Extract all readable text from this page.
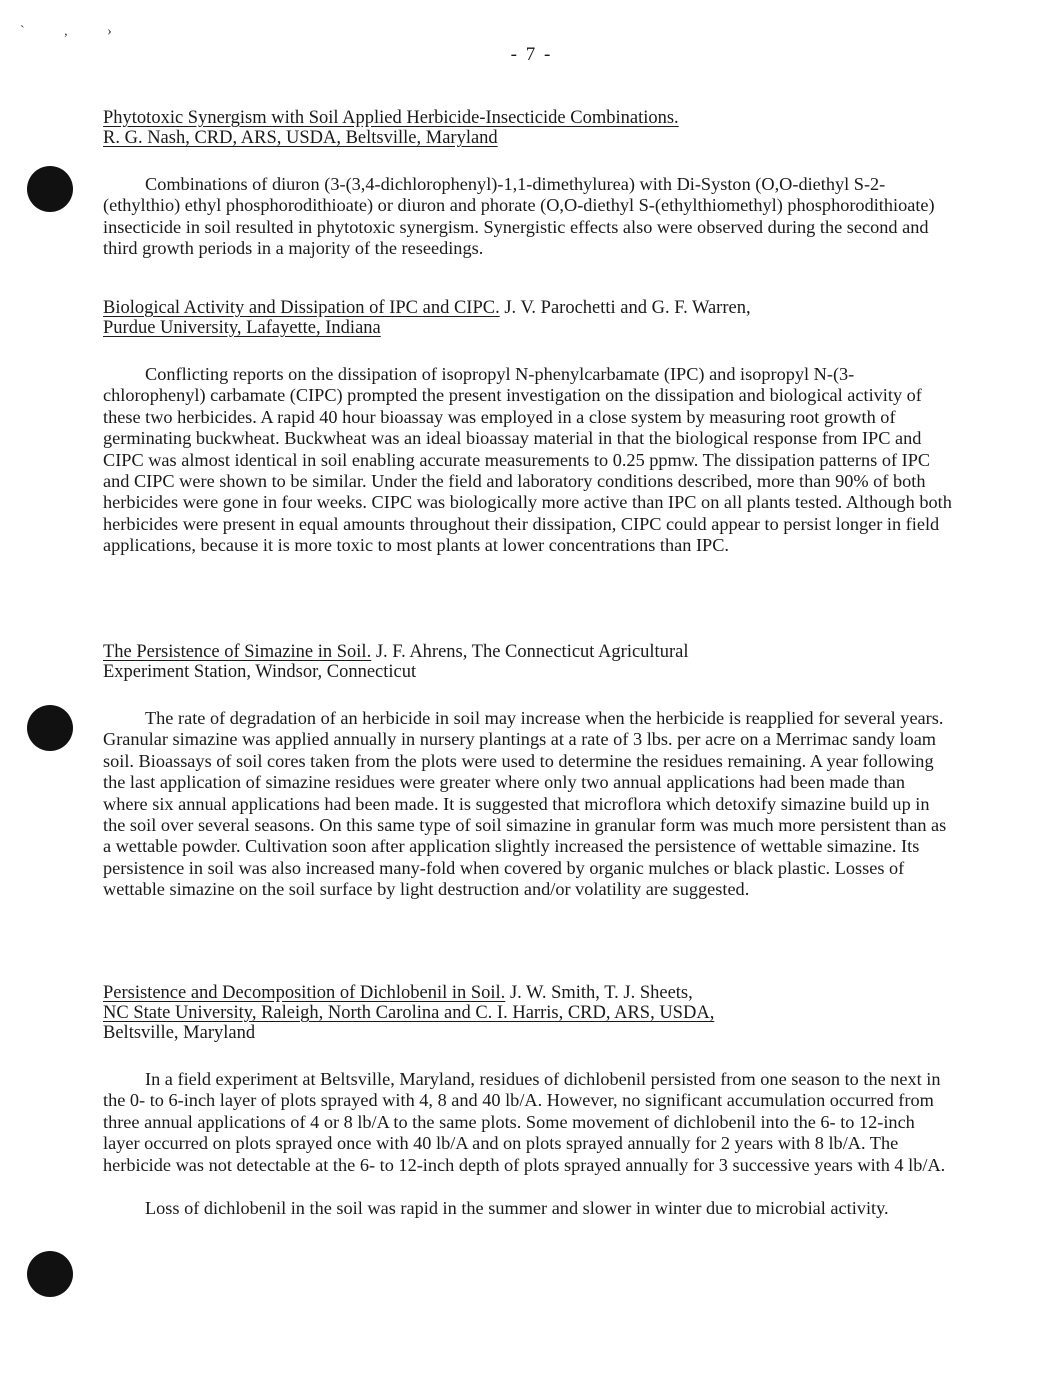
` , ›
- 7 -
Phytotoxic Synergism with Soil Applied Herbicide-Insecticide Combinations.
R. G. Nash, CRD, ARS, USDA, Beltsville, Maryland

Combinations of diuron (3-(3,4-dichlorophenyl)-1,1-dimethylurea) with Di-Syston (O,O-diethyl S-2-(ethylthio) ethyl phosphorodithioate) or diuron and phorate (O,O-diethyl S-(ethylthiomethyl) phosphorodithioate) insecticide in soil resulted in phytotoxic synergism. Synergistic effects also were observed during the second and third growth periods in a majority of the reseedings.

Biological Activity and Dissipation of IPC and CIPC. J. V. Parochetti and G. F. Warren,
Purdue University, Lafayette, Indiana

Conflicting reports on the dissipation of isopropyl N-phenylcarbamate (IPC) and isopropyl N-(3-chlorophenyl) carbamate (CIPC) prompted the present investigation on the dissipation and biological activity of these two herbicides. A rapid 40 hour bioassay was employed in a close system by measuring root growth of germinating buckwheat. Buckwheat was an ideal bioassay material in that the biological response from IPC and CIPC was almost identical in soil enabling accurate measurements to 0.25 ppmw. The dissipation patterns of IPC and CIPC were shown to be similar. Under the field and laboratory conditions described, more than 90% of both herbicides were gone in four weeks. CIPC was biologically more active than IPC on all plants tested. Although both herbicides were present in equal amounts throughout their dissipation, CIPC could appear to persist longer in field applications, because it is more toxic to most plants at lower concentrations than IPC.

The Persistence of Simazine in Soil. J. F. Ahrens, The Connecticut Agricultural
Experiment Station, Windsor, Connecticut

The rate of degradation of an herbicide in soil may increase when the herbicide is reapplied for several years. Granular simazine was applied annually in nursery plantings at a rate of 3 lbs. per acre on a Merrimac sandy loam soil. Bioassays of soil cores taken from the plots were used to determine the residues remaining. A year following the last application of simazine residues were greater where only two annual applications had been made than where six annual applications had been made. It is suggested that microflora which detoxify simazine build up in the soil over several seasons. On this same type of soil simazine in granular form was much more persistent than as a wettable powder. Cultivation soon after application slightly increased the persistence of wettable simazine. Its persistence in soil was also increased many-fold when covered by organic mulches or black plastic. Losses of wettable simazine on the soil surface by light destruction and/or volatility are suggested.

Persistence and Decomposition of Dichlobenil in Soil. J. W. Smith, T. J. Sheets,
NC State University, Raleigh, North Carolina and C. I. Harris, CRD, ARS, USDA,
Beltsville, Maryland

In a field experiment at Beltsville, Maryland, residues of dichlobenil persisted from one season to the next in the 0- to 6-inch layer of plots sprayed with 4, 8 and 40 lb/A. However, no significant accumulation occurred from three annual applications of 4 or 8 lb/A to the same plots. Some movement of dichlobenil into the 6- to 12-inch layer occurred on plots sprayed once with 40 lb/A and on plots sprayed annually for 2 years with 8 lb/A. The herbicide was not detectable at the 6- to 12-inch depth of plots sprayed annually for 3 successive years with 4 lb/A.

Loss of dichlobenil in the soil was rapid in the summer and slower in winter due to microbial activity.
